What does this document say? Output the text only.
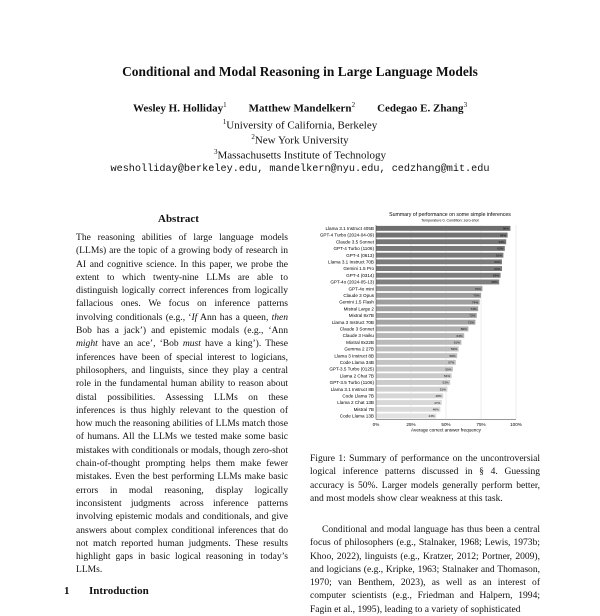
Conditional and Modal Reasoning in Large Language Models
Wesley H. Holliday$^1$ Matthew Mandelkern$^2$ Cedegao E. Zhang$^3$
$^1$University of California, Berkeley
$^2$New York University
$^3$Massachusetts Institute of Technology
wesholliday@berkeley.edu, mandelkern@nyu.edu, cedzhang@mit.edu
Abstract
The reasoning abilities of large language models (LLMs) are the topic of a growing body of research in AI and cognitive science. In this paper, we probe the extent to which twenty-nine LLMs are able to distinguish logically correct inferences from logically fallacious ones. We focus on inference patterns involving conditionals (e.g., ‘If Ann has a queen, then Bob has a jack’) and epistemic modals (e.g., ‘Ann might have an ace’, ‘Bob must have a king’). These inferences have been of special interest to logicians, philosophers, and linguists, since they play a central role in the fundamental human ability to reason about distal possibilities. Assessing LLMs on these inferences is thus highly relevant to the question of how much the reasoning abilities of LLMs match those of humans. All the LLMs we tested make some basic mistakes with conditionals or modals, though zero-shot chain-of-thought prompting helps them make fewer mistakes. Even the best performing LLMs make basic errors in modal reasoning, display logically inconsistent judgments across inference patterns involving epistemic modals and conditionals, and give answers about complex conditional inferences that do not match reported human judgments. These results highlight gaps in basic logical reasoning in today’s LLMs.
1 Introduction
Summary of performance on some simple inferences
Temperature 0, Condition: zero-shot
Llama 3.1 Instruct 405B	96%
GPT-4 Turbo (2024-04-09)	94%
Claude 3.5 Sonnet	93%
GPT-4 Turbo (1106)	92%
GPT-4 (0613)	91%
Llama 3.1 Instruct 70B	90%
Gemini 1.5 Pro	90%
GPT-4 (0314)	89%
GPT-4o (2024-05-13)	88%
GPT-4o mini	76%
Claude 3 Opus	75%
Gemini 1.5 Flash	74%
Mistral Large 2	73%
Mixtral 8x7B	72%
Llama 3 Instruct 70B	71%
Claude 3 Sonnet	66%
Claude 3 Haiku	63%
Mixtral 8x22B	61%
Gemma 2 27B	59%
Llama 3 Instruct 8B	58%
Code Llama 34B	57%
GPT-3.5 Turbo (0125)	55%
Llama 2 Chat 7B	54%
GPT-3.5 Turbo (1106)	53%
Llama 3.1 Instruct 8B	51%
Code Llama 7B	48%
Llama 2 Chat 13B	47%
Mistral 7B	46%
Code Llama 13B	43%
0%	25%	50%	75%	100%
Average correct answer frequency
Figure 1: Summary of performance on the uncontroversial logical inference patterns discussed in § 4. Guessing accuracy is 50%. Larger models generally perform better, and most models show clear weakness at this task.
Conditional and modal language has thus been a central focus of philosophers (e.g., Stalnaker, 1968; Lewis, 1973b; Khoo, 2022), linguists (e.g., Kratzer, 2012; Portner, 2009), and logicians (e.g., Kripke, 1963; Stalnaker and Thomason, 1970; van Benthem, 2023), as well as an interest of computer scientists (e.g., Friedman and Halpern, 1994; Fagin et al., 1995), leading to a variety of sophisticated
